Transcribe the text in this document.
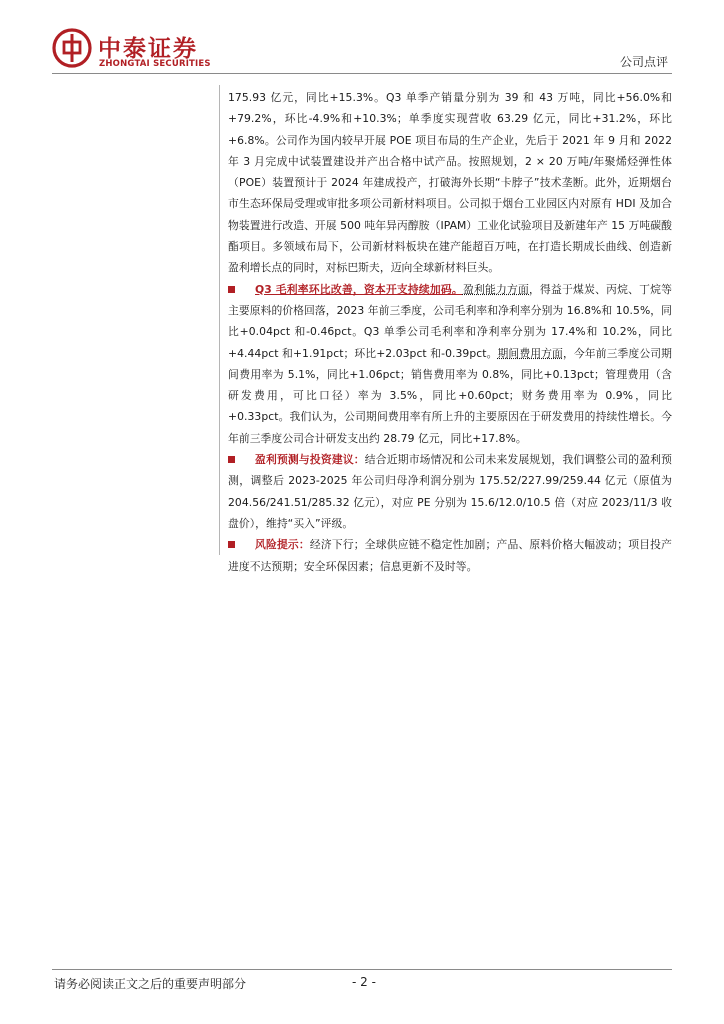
中泰证券
ZHONGTAI SECURITIES	公司点评

175.93 亿元，同比+15.3%。Q3 单季产销量分别为 39 和 43 万吨，同比+56.0%和+79.2%，环比-4.9%和+10.3%；单季度实现营收 63.29 亿元，同比+31.2%，环比+6.8%。公司作为国内较早开展 POE 项目布局的生产企业，先后于 2021 年 9 月和 2022 年 3 月完成中试装置建设并产出合格中试产品。按照规划，2 × 20 万吨/年聚烯烃弹性体（POE）装置预计于 2024 年建成投产，打破海外长期“卡脖子”技术垄断。此外，近期烟台市生态环保局受理或审批多项公司新材料项目。公司拟于烟台工业园区内对原有 HDI 及加合物装置进行改造、开展 500 吨年异丙醇胺（IPAM）工业化试验项目及新建年产 15 万吨碳酸酯项目。多领域布局下，公司新材料板块在建产能超百万吨，在打造长期成长曲线、创造新盈利增长点的同时，对标巴斯夫，迈向全球新材料巨头。

Q3 毛利率环比改善，资本开支持续加码。盈利能力方面，得益于煤炭、丙烷、丁烷等主要原料的价格回落，2023 年前三季度，公司毛利率和净利率分别为 16.8%和 10.5%，同比+0.04pct 和-0.46pct。Q3 单季公司毛利率和净利率分别为 17.4%和 10.2%，同比+4.44pct 和+1.91pct；环比+2.03pct 和-0.39pct。期间费用方面，今年前三季度公司期间费用率为 5.1%，同比+1.06pct；销售费用率为 0.8%，同比+0.13pct；管理费用（含研发费用，可比口径）率为 3.5%，同比+0.60pct；财务费用率为 0.9%，同比+0.33pct。我们认为，公司期间费用率有所上升的主要原因在于研发费用的持续性增长。今年前三季度公司合计研发支出约 28.79 亿元，同比+17.8%。

盈利预测与投资建议：结合近期市场情况和公司未来发展规划，我们调整公司的盈利预测，调整后 2023-2025 年公司归母净利润分别为 175.52/227.99/259.44 亿元（原值为 204.56/241.51/285.32 亿元），对应 PE 分别为 15.6/12.0/10.5 倍（对应 2023/11/3 收盘价），维持“买入”评级。

风险提示：经济下行；全球供应链不稳定性加剧；产品、原料价格大幅波动；项目投产进度不达预期；安全环保因素；信息更新不及时等。

请务必阅读正文之后的重要声明部分	- 2 -
